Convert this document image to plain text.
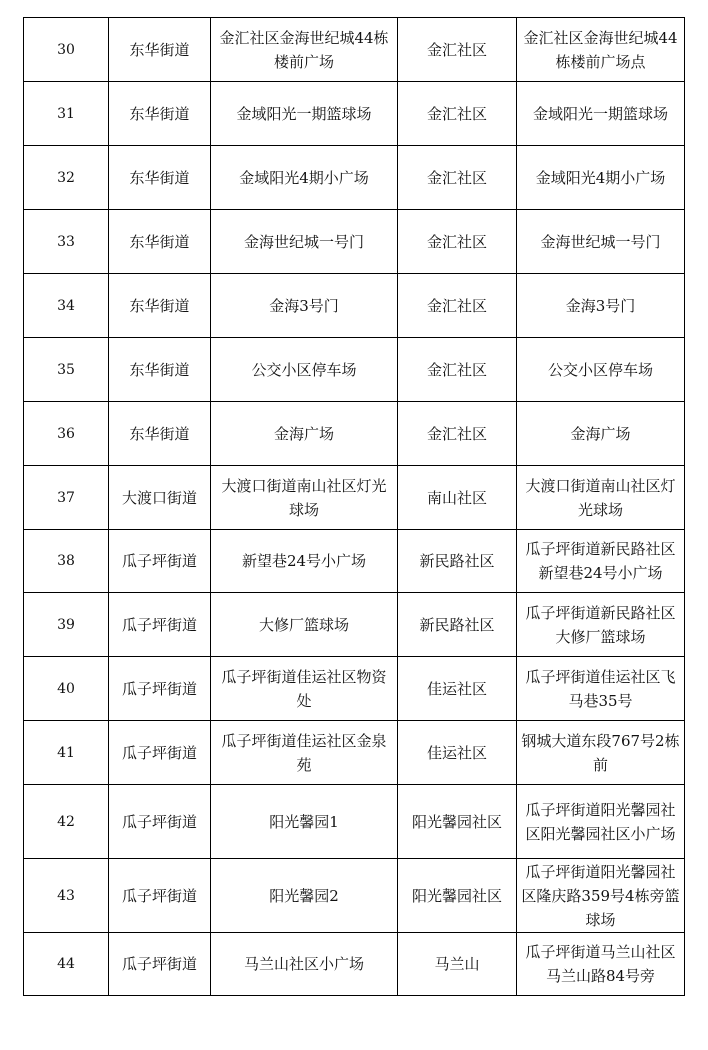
30	东华街道	金汇社区金海世纪城44栋楼前广场	金汇社区	金汇社区金海世纪城44栋楼前广场点
31	东华街道	金域阳光一期篮球场	金汇社区	金域阳光一期篮球场
32	东华街道	金域阳光4期小广场	金汇社区	金域阳光4期小广场
33	东华街道	金海世纪城一号门	金汇社区	金海世纪城一号门
34	东华街道	金海3号门	金汇社区	金海3号门
35	东华街道	公交小区停车场	金汇社区	公交小区停车场
36	东华街道	金海广场	金汇社区	金海广场
37	大渡口街道	大渡口街道南山社区灯光球场	南山社区	大渡口街道南山社区灯光球场
38	瓜子坪街道	新望巷24号小广场	新民路社区	瓜子坪街道新民路社区新望巷24号小广场
39	瓜子坪街道	大修厂篮球场	新民路社区	瓜子坪街道新民路社区大修厂篮球场
40	瓜子坪街道	瓜子坪街道佳运社区物资处	佳运社区	瓜子坪街道佳运社区飞马巷35号
41	瓜子坪街道	瓜子坪街道佳运社区金泉苑	佳运社区	钢城大道东段767号2栋前
42	瓜子坪街道	阳光馨园1	阳光馨园社区	瓜子坪街道阳光馨园社区阳光馨园社区小广场
43	瓜子坪街道	阳光馨园2	阳光馨园社区	瓜子坪街道阳光馨园社区隆庆路359号4栋旁篮球场
44	瓜子坪街道	马兰山社区小广场	马兰山	瓜子坪街道马兰山社区马兰山路84号旁
